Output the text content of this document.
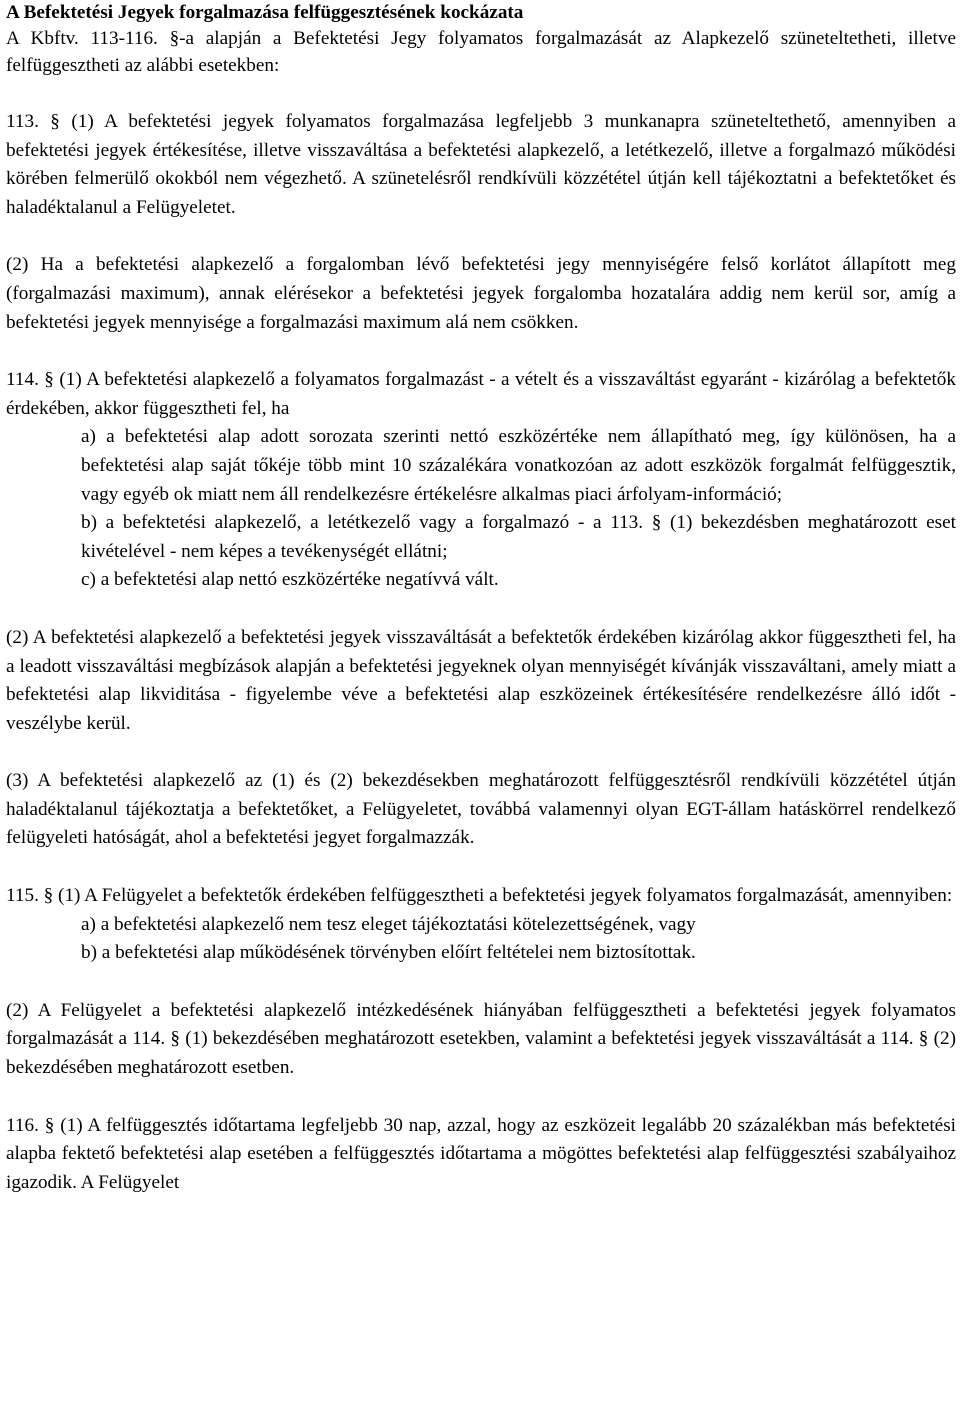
A Befektetési Jegyek forgalmazása felfüggesztésének kockázata

A Kbftv. 113-116. §-a alapján a Befektetési Jegy folyamatos forgalmazását az Alapkezelő szüneteltetheti, illetve felfüggesztheti az alábbi esetekben:

113. § (1) A befektetési jegyek folyamatos forgalmazása legfeljebb 3 munkanapra szüneteltethető, amennyiben a befektetési jegyek értékesítése, illetve visszaváltása a befektetési alapkezelő, a letétkezelő, illetve a forgalmazó működési körében felmerülő okokból nem végezhető. A szünetelésről rendkívüli közzététel útján kell tájékoztatni a befektetőket és haladéktalanul a Felügyeletet.

(2) Ha a befektetési alapkezelő a forgalomban lévő befektetési jegy mennyiségére felső korlátot állapított meg (forgalmazási maximum), annak elérésekor a befektetési jegyek forgalomba hozatalára addig nem kerül sor, amíg a befektetési jegyek mennyisége a forgalmazási maximum alá nem csökken.

114. § (1) A befektetési alapkezelő a folyamatos forgalmazást - a vételt és a visszaváltást egyaránt - kizárólag a befektetők érdekében, akkor függesztheti fel, ha

a) a befektetési alap adott sorozata szerinti nettó eszközértéke nem állapítható meg, így különösen, ha a befektetési alap saját tőkéje több mint 10 százalékára vonatkozóan az adott eszközök forgalmát felfüggesztik, vagy egyéb ok miatt nem áll rendelkezésre értékelésre alkalmas piaci árfolyam-információ;

b) a befektetési alapkezelő, a letétkezelő vagy a forgalmazó - a 113. § (1) bekezdésben meghatározott eset kivételével - nem képes a tevékenységét ellátni;

c) a befektetési alap nettó eszközértéke negatívvá vált.

(2) A befektetési alapkezelő a befektetési jegyek visszaváltását a befektetők érdekében kizárólag akkor függesztheti fel, ha a leadott visszaváltási megbízások alapján a befektetési jegyeknek olyan mennyiségét kívánják visszaváltani, amely miatt a befektetési alap likviditása - figyelembe véve a befektetési alap eszközeinek értékesítésére rendelkezésre álló időt - veszélybe kerül.

(3) A befektetési alapkezelő az (1) és (2) bekezdésekben meghatározott felfüggesztésről rendkívüli közzététel útján haladéktalanul tájékoztatja a befektetőket, a Felügyeletet, továbbá valamennyi olyan EGT-állam hatáskörrel rendelkező felügyeleti hatóságát, ahol a befektetési jegyet forgalmazzák.

115. § (1) A Felügyelet a befektetők érdekében felfüggesztheti a befektetési jegyek folyamatos forgalmazását, amennyiben:

a) a befektetési alapkezelő nem tesz eleget tájékoztatási kötelezettségének, vagy

b) a befektetési alap működésének törvényben előírt feltételei nem biztosítottak.

(2) A Felügyelet a befektetési alapkezelő intézkedésének hiányában felfüggesztheti a befektetési jegyek folyamatos forgalmazását a 114. § (1) bekezdésében meghatározott esetekben, valamint a befektetési jegyek visszaváltását a 114. § (2) bekezdésében meghatározott esetben.

116. § (1) A felfüggesztés időtartama legfeljebb 30 nap, azzal, hogy az eszközeit legalább 20 százalékban más befektetési alapba fektető befektetési alap esetében a felfüggesztés időtartama a mögöttes befektetési alap felfüggesztési szabályaihoz igazodik. A Felügyelet
